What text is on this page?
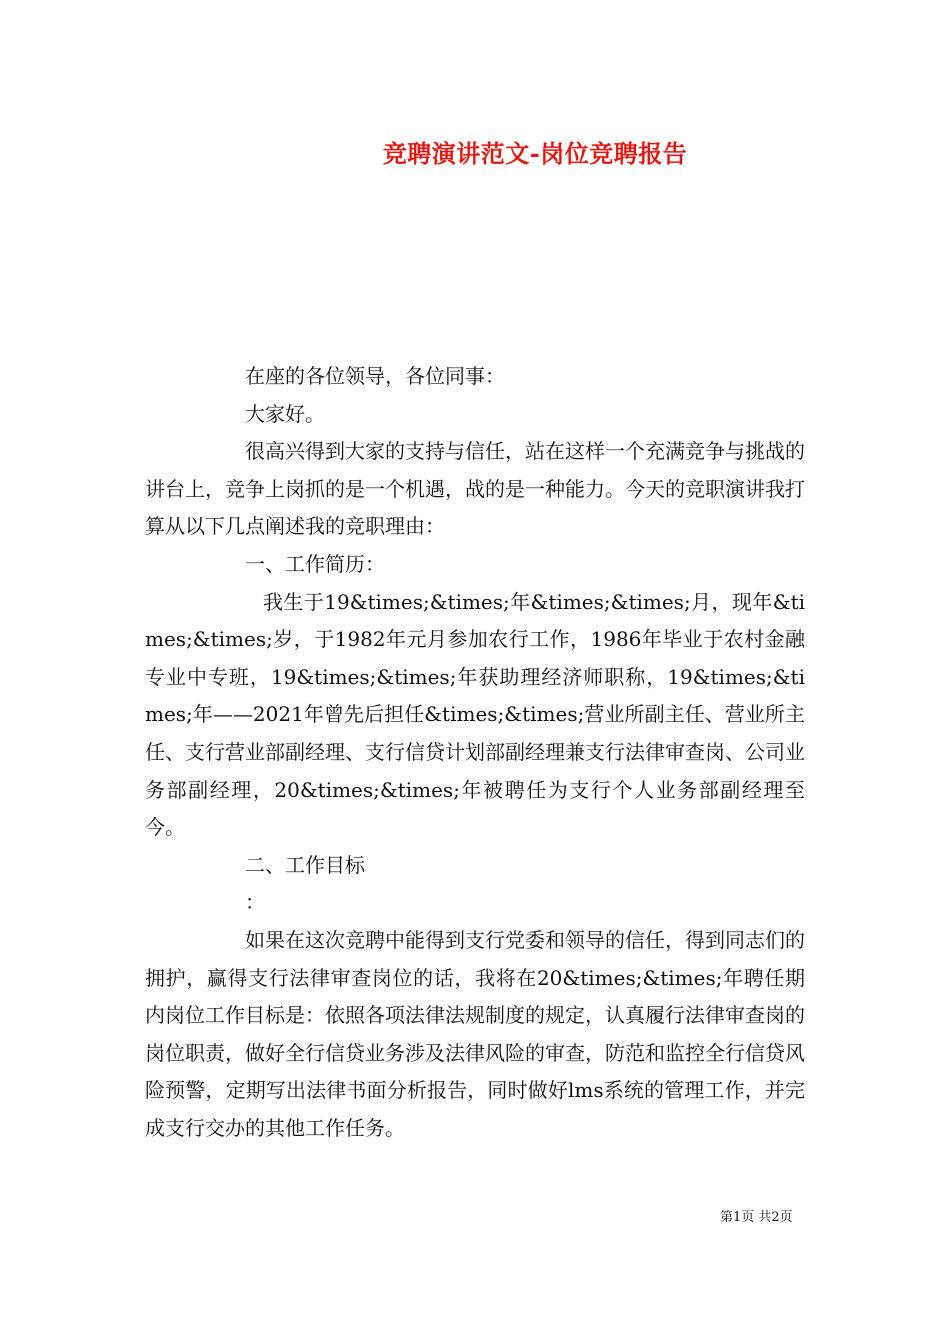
竞聘演讲范文-岗位竞聘报告

在座的各位领导，各位同事：

大家好。

很高兴得到大家的支持与信任，站在这样一个充满竞争与挑战的讲台上，竞争上岗抓的是一个机遇，战的是一种能力。今天的竞职演讲我打算从以下几点阐述我的竞职理由：

一、工作简历：

我生于19&times;&times;年&times;&times;月，现年&times;&times;岁，于1982年元月参加农行工作，1986年毕业于农村金融专业中专班，19&times;&times;年获助理经济师职称，19&times;&times;年——2021年曾先后担任&times;&times;营业所副主任、营业所主任、支行营业部副经理、支行信贷计划部副经理兼支行法律审查岗、公司业务部副经理，20&times;&times;年被聘任为支行个人业务部副经理至今。

二、工作目标

：

如果在这次竞聘中能得到支行党委和领导的信任，得到同志们的拥护，赢得支行法律审查岗位的话，我将在20&times;&times;年聘任期内岗位工作目标是：依照各项法律法规制度的规定，认真履行法律审查岗的岗位职责，做好全行信贷业务涉及法律风险的审查，防范和监控全行信贷风险预警，定期写出法律书面分析报告，同时做好lms系统的管理工作，并完成支行交办的其他工作任务。

第1页 共2页
